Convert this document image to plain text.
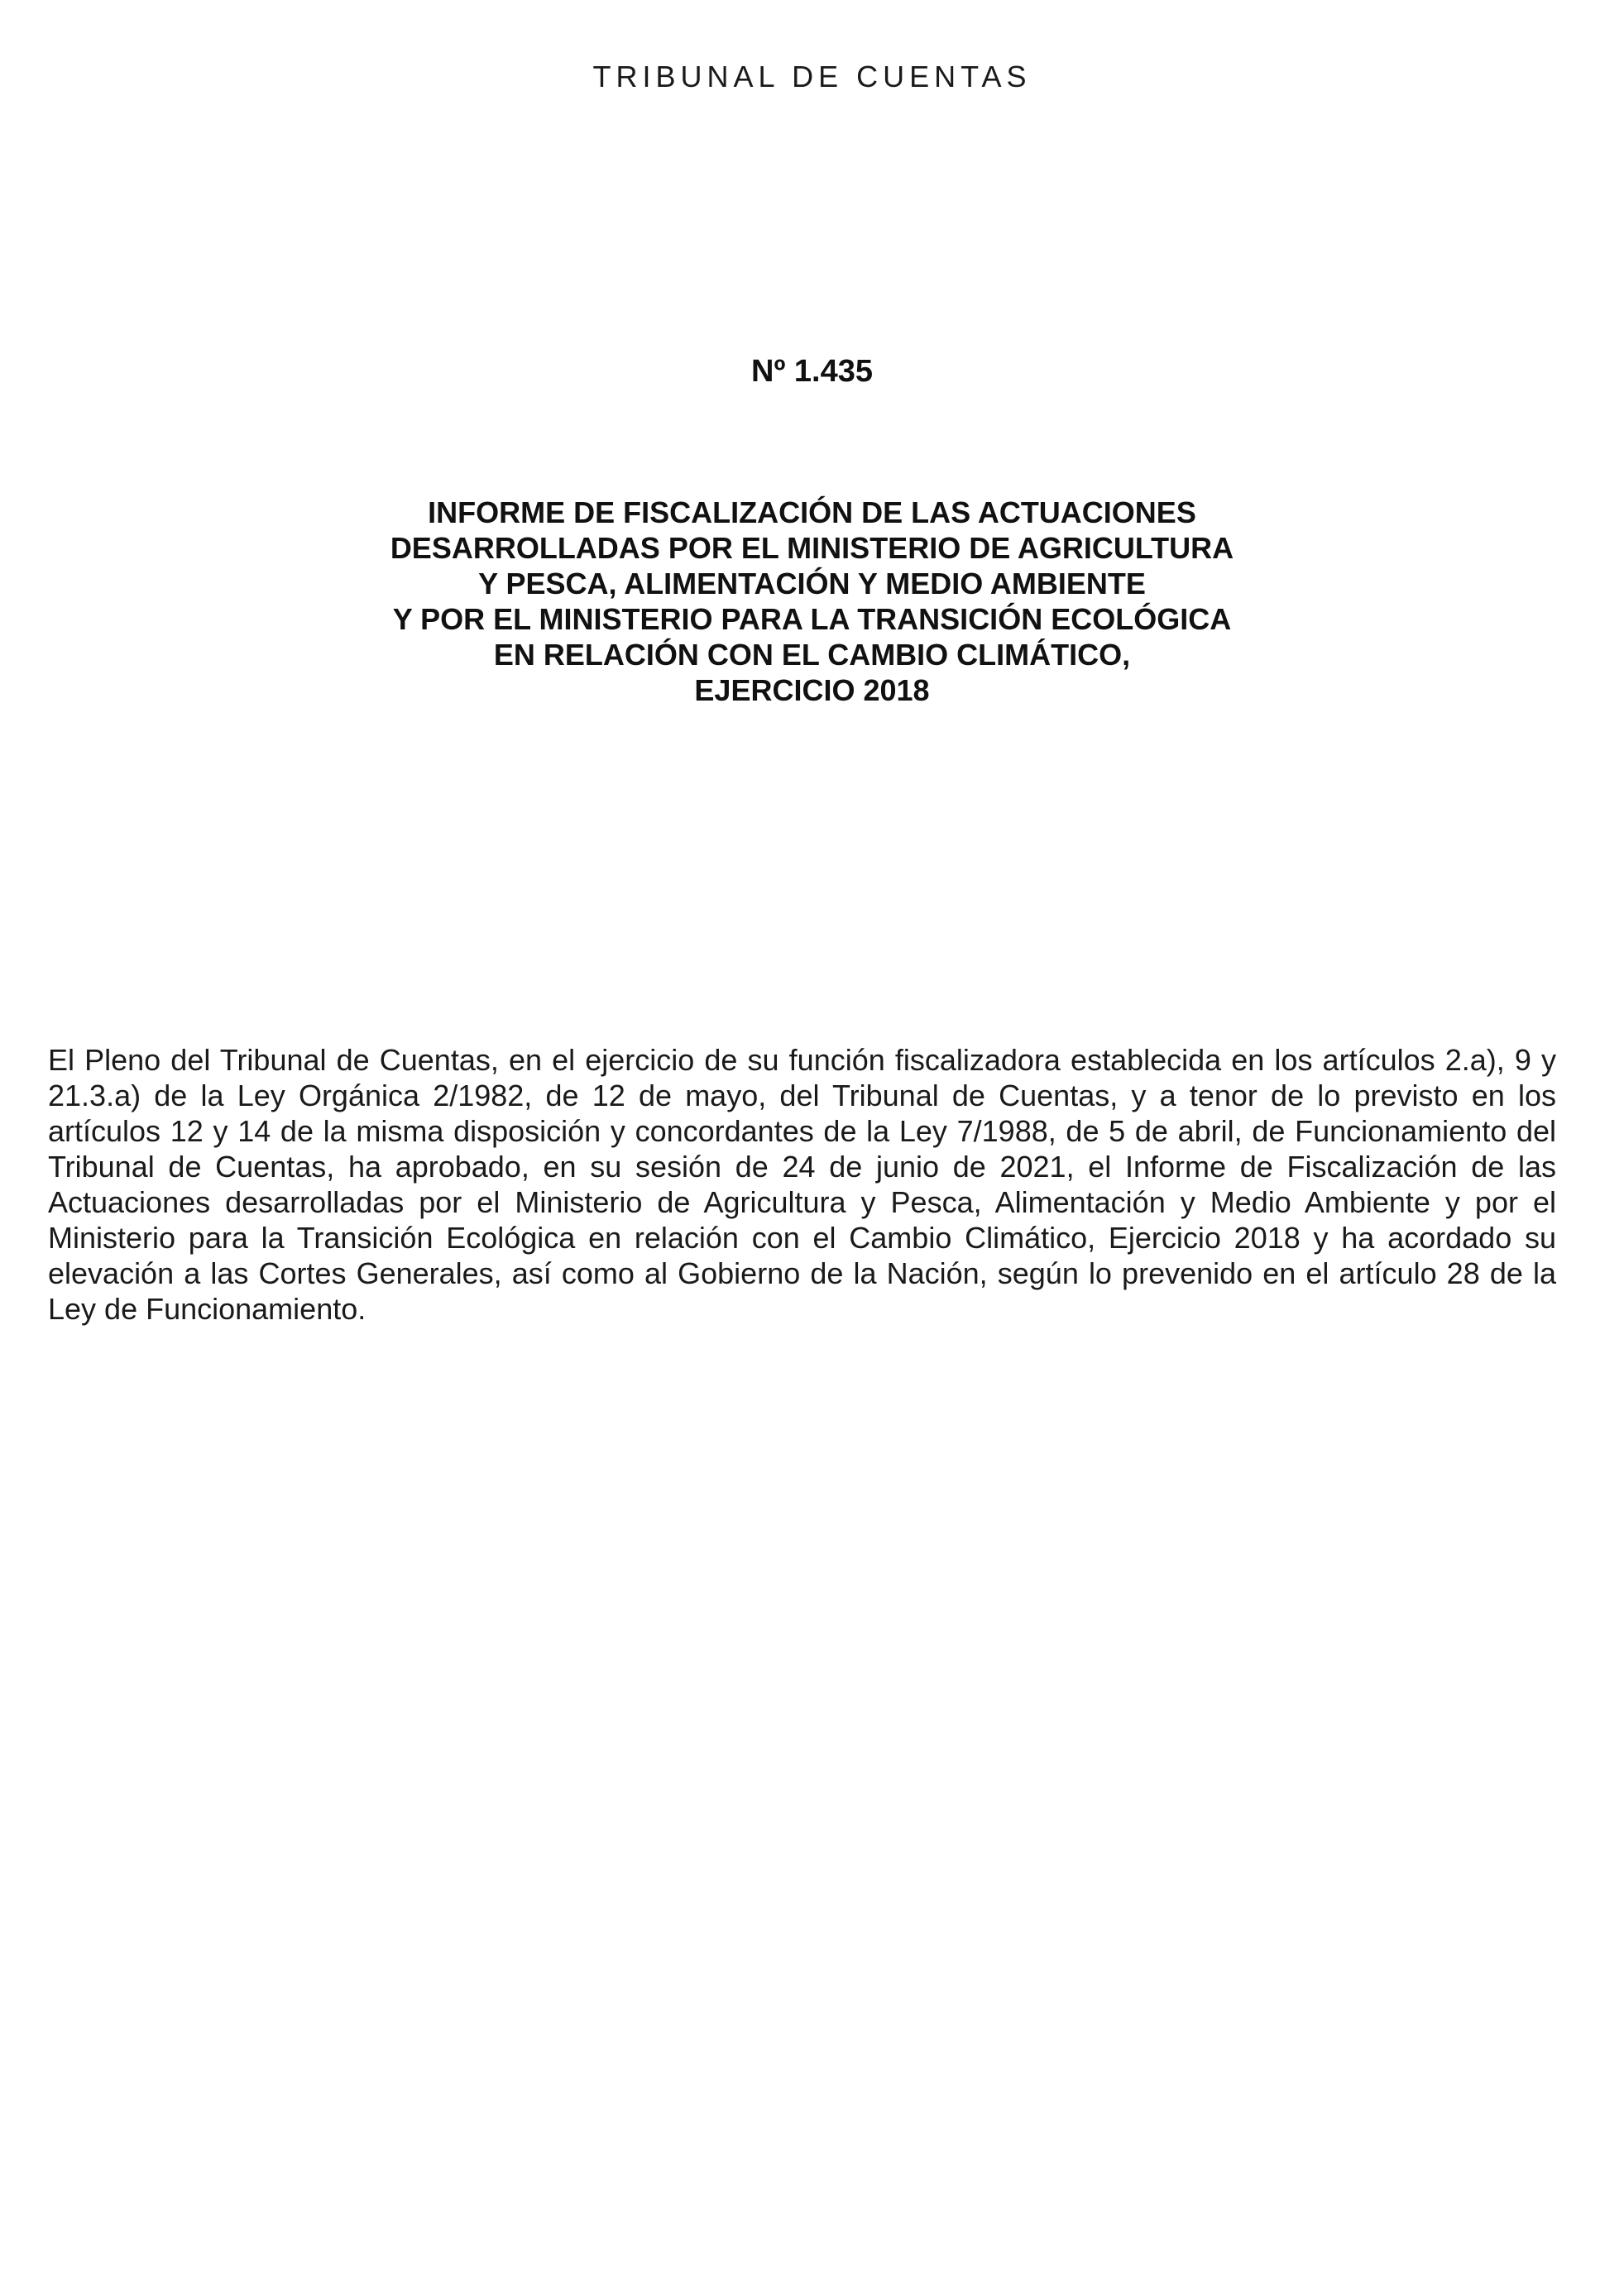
TRIBUNAL DE CUENTAS
Nº 1.435
INFORME DE FISCALIZACIÓN DE LAS ACTUACIONES
DESARROLLADAS POR EL MINISTERIO DE AGRICULTURA
Y PESCA, ALIMENTACIÓN Y MEDIO AMBIENTE
Y POR EL MINISTERIO PARA LA TRANSICIÓN ECOLÓGICA
EN RELACIÓN CON EL CAMBIO CLIMÁTICO,
EJERCICIO 2018

El Pleno del Tribunal de Cuentas, en el ejercicio de su función fiscalizadora establecida en los artículos 2.a), 9 y 21.3.a) de la Ley Orgánica 2/1982, de 12 de mayo, del Tribunal de Cuentas, y a tenor de lo previsto en los artículos 12 y 14 de la misma disposición y concordantes de la Ley 7/1988, de 5 de abril, de Funcionamiento del Tribunal de Cuentas, ha aprobado, en su sesión de 24 de junio de 2021, el Informe de Fiscalización de las Actuaciones desarrolladas por el Ministerio de Agricultura y Pesca, Alimentación y Medio Ambiente y por el Ministerio para la Transición Ecológica en relación con el Cambio Climático, Ejercicio 2018 y ha acordado su elevación a las Cortes Generales, así como al Gobierno de la Nación, según lo prevenido en el artículo 28 de la Ley de Funcionamiento.
